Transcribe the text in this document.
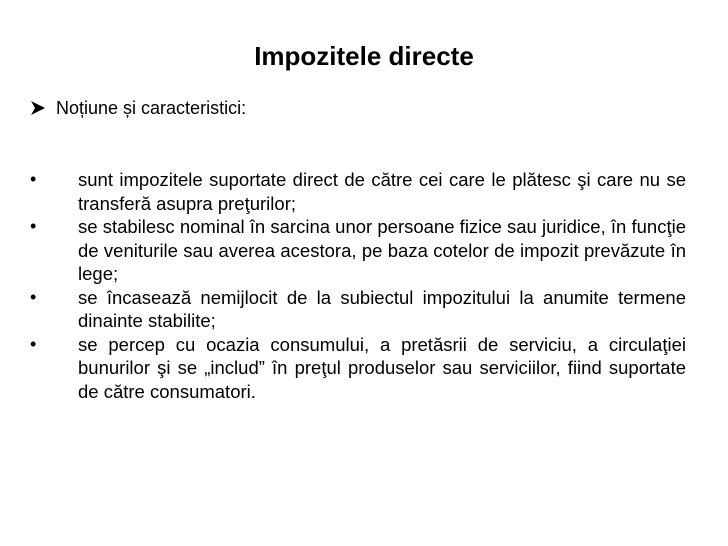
Impozitele directe
Noțiune și caracteristici:
•	sunt impozitele suportate direct de către cei care le plătesc şi care nu se transferă asupra preţurilor;
•	se stabilesc nominal în sarcina unor persoane fizice sau juridice, în funcţie de veniturile sau averea acestora, pe baza cotelor de impozit prevăzute în lege;
•	se încasează nemijlocit de la subiectul impozitului la anumite termene dinainte stabilite;
•	se percep cu ocazia consumului, a pretăsrii de serviciu, a circulaţiei bunurilor şi se „includ” în preţul produselor sau serviciilor, fiind suportate de către consumatori.
